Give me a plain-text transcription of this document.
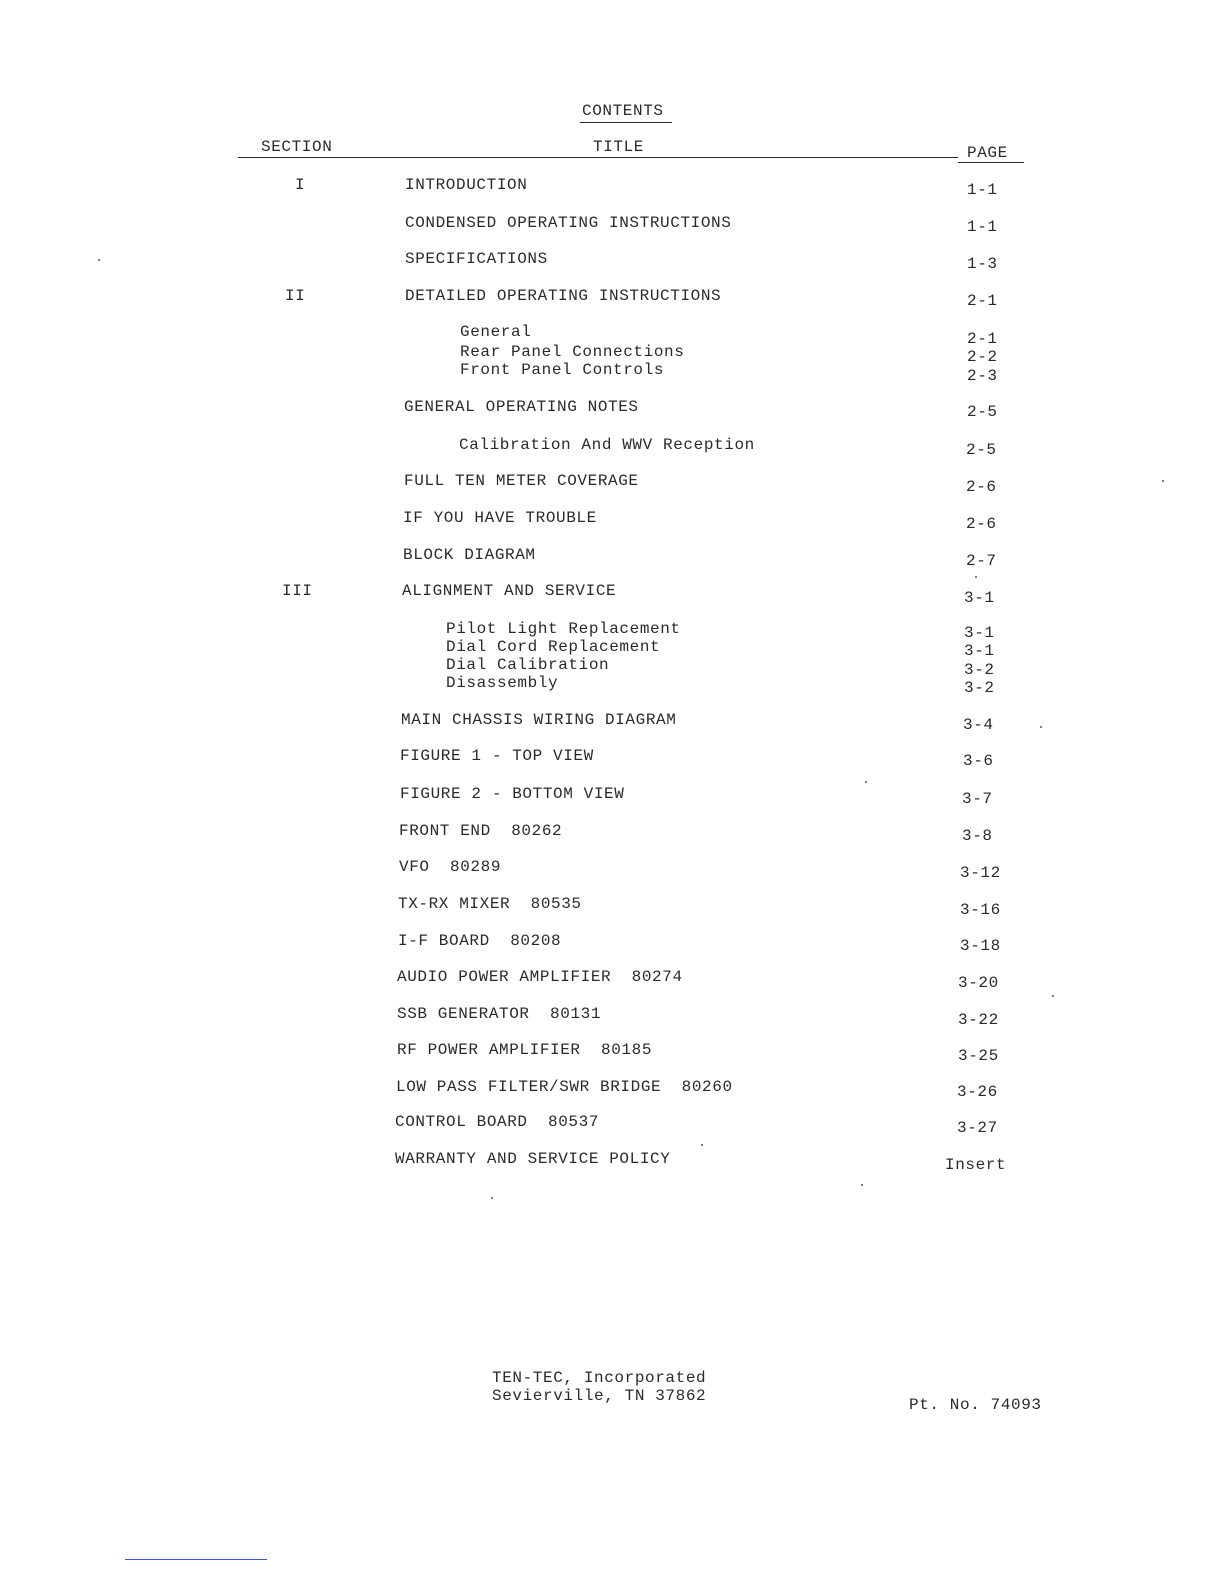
CONTENTS
SECTION	TITLE	PAGE
I	INTRODUCTION	1-1
CONDENSED OPERATING INSTRUCTIONS	1-1
SPECIFICATIONS	1-3
II	DETAILED OPERATING INSTRUCTIONS	2-1
General	2-1
Rear Panel Connections	2-2
Front Panel Controls	2-3
GENERAL OPERATING NOTES	2-5
Calibration And WWV Reception	2-5
FULL TEN METER COVERAGE	2-6
IF YOU HAVE TROUBLE	2-6
BLOCK DIAGRAM	2-7
III	ALIGNMENT AND SERVICE	3-1
Pilot Light Replacement	3-1
Dial Cord Replacement	3-1
Dial Calibration	3-2
Disassembly	3-2
MAIN CHASSIS WIRING DIAGRAM	3-4
FIGURE 1 - TOP VIEW	3-6
FIGURE 2 - BOTTOM VIEW	3-7
FRONT END  80262	3-8
VFO  80289	3-12
TX-RX MIXER  80535	3-16
I-F BOARD  80208	3-18
AUDIO POWER AMPLIFIER  80274	3-20
SSB GENERATOR  80131	3-22
RF POWER AMPLIFIER  80185	3-25
LOW PASS FILTER/SWR BRIDGE  80260	3-26
CONTROL BOARD  80537	3-27
WARRANTY AND SERVICE POLICY	Insert
TEN-TEC, Incorporated
Sevierville, TN 37862	Pt. No. 74093
